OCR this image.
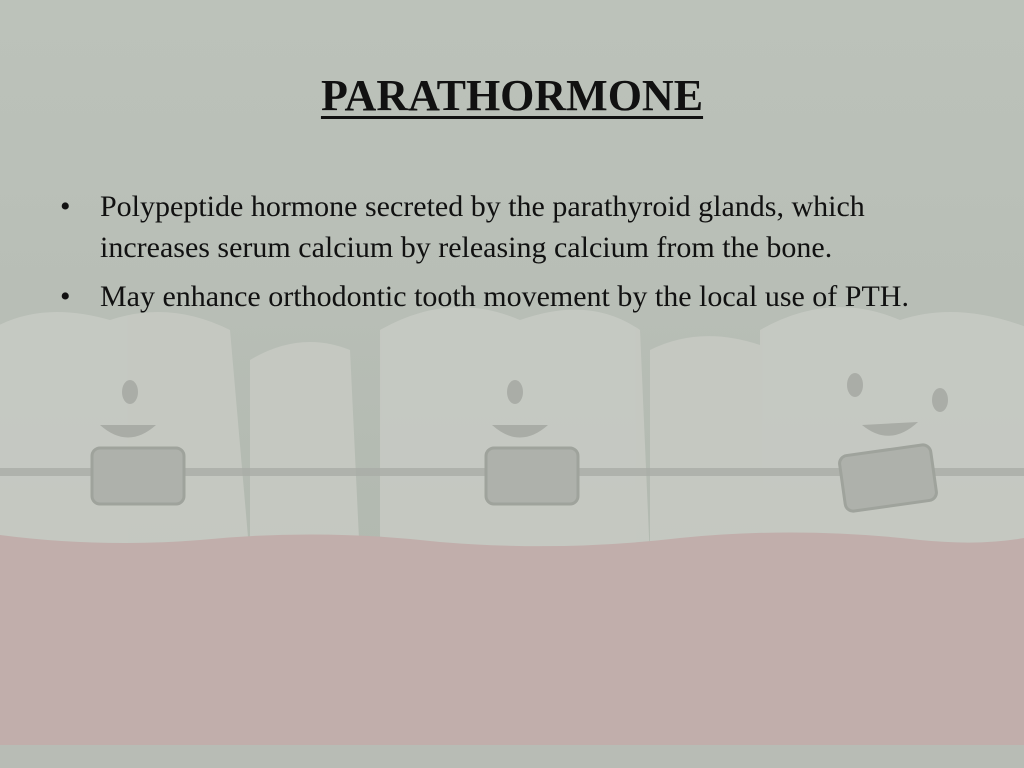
PARATHORMONE
• Polypeptide hormone secreted by the parathyroid glands, which increases serum calcium by releasing calcium from the bone.
• May enhance orthodontic tooth movement by the local use of PTH.
